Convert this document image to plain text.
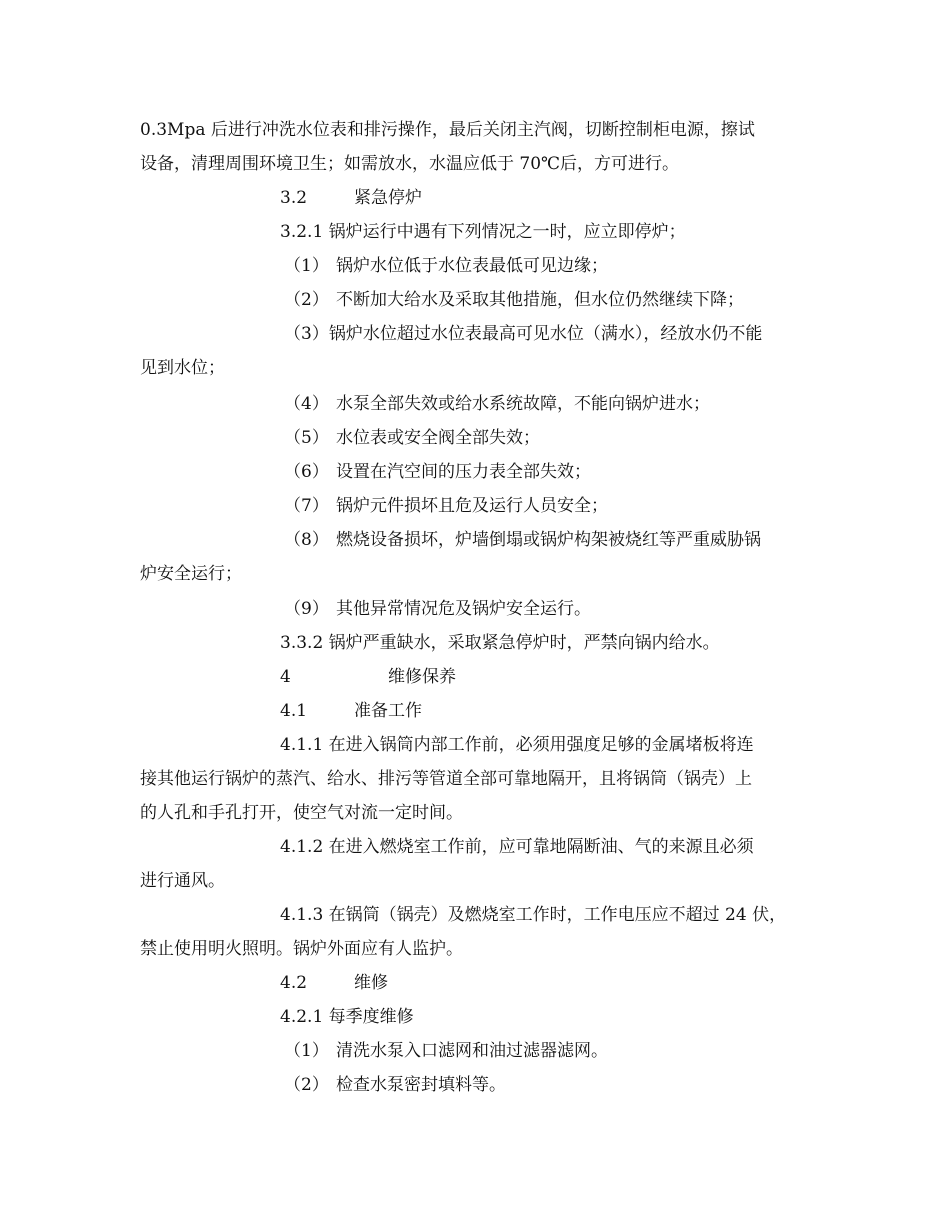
0.3Mpa 后进行冲洗水位表和排污操作，最后关闭主汽阀，切断控制柜电源，擦试
设备，清理周围环境卫生；如需放水，水温应低于 70℃后，方可进行。
3.2	紧急停炉
3.2.1 锅炉运行中遇有下列情况之一时，应立即停炉；
（1） 锅炉水位低于水位表最低可见边缘；
（2） 不断加大给水及采取其他措施，但水位仍然继续下降；
（3）锅炉水位超过水位表最高可见水位（满水），经放水仍不能
见到水位；
（4） 水泵全部失效或给水系统故障，不能向锅炉进水；
（5） 水位表或安全阀全部失效；
（6） 设置在汽空间的压力表全部失效；
（7） 锅炉元件损坏且危及运行人员安全；
（8） 燃烧设备损坏，炉墙倒塌或锅炉构架被烧红等严重威胁锅
炉安全运行；
（9） 其他异常情况危及锅炉安全运行。
3.3.2 锅炉严重缺水，采取紧急停炉时，严禁向锅内给水。
4	维修保养
4.1	准备工作
4.1.1 在进入锅筒内部工作前，必须用强度足够的金属堵板将连
接其他运行锅炉的蒸汽、给水、排污等管道全部可靠地隔开，且将锅筒（锅壳）上
的人孔和手孔打开，使空气对流一定时间。
4.1.2 在进入燃烧室工作前，应可靠地隔断油、气的来源且必须
进行通风。
4.1.3 在锅筒（锅壳）及燃烧室工作时，工作电压应不超过 24 伏，
禁止使用明火照明。锅炉外面应有人监护。
4.2	维修
4.2.1 每季度维修
（1） 清洗水泵入口滤网和油过滤器滤网。
（2） 检查水泵密封填料等。
